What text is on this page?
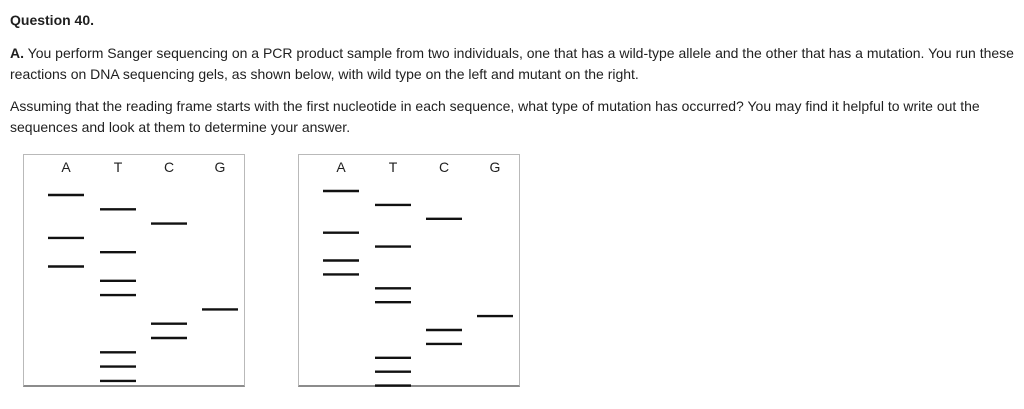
Question 40.

A. You perform Sanger sequencing on a PCR product sample from two individuals, one that has a wild-type allele and the other that has a mutation. You run these reactions on DNA sequencing gels, as shown below, with wild type on the left and mutant on the right.

Assuming that the reading frame starts with the first nucleotide in each sequence, what type of mutation has occurred? You may find it helpful to write out the sequences and look at them to determine your answer.

A	T	C	G	A	T	C	G
